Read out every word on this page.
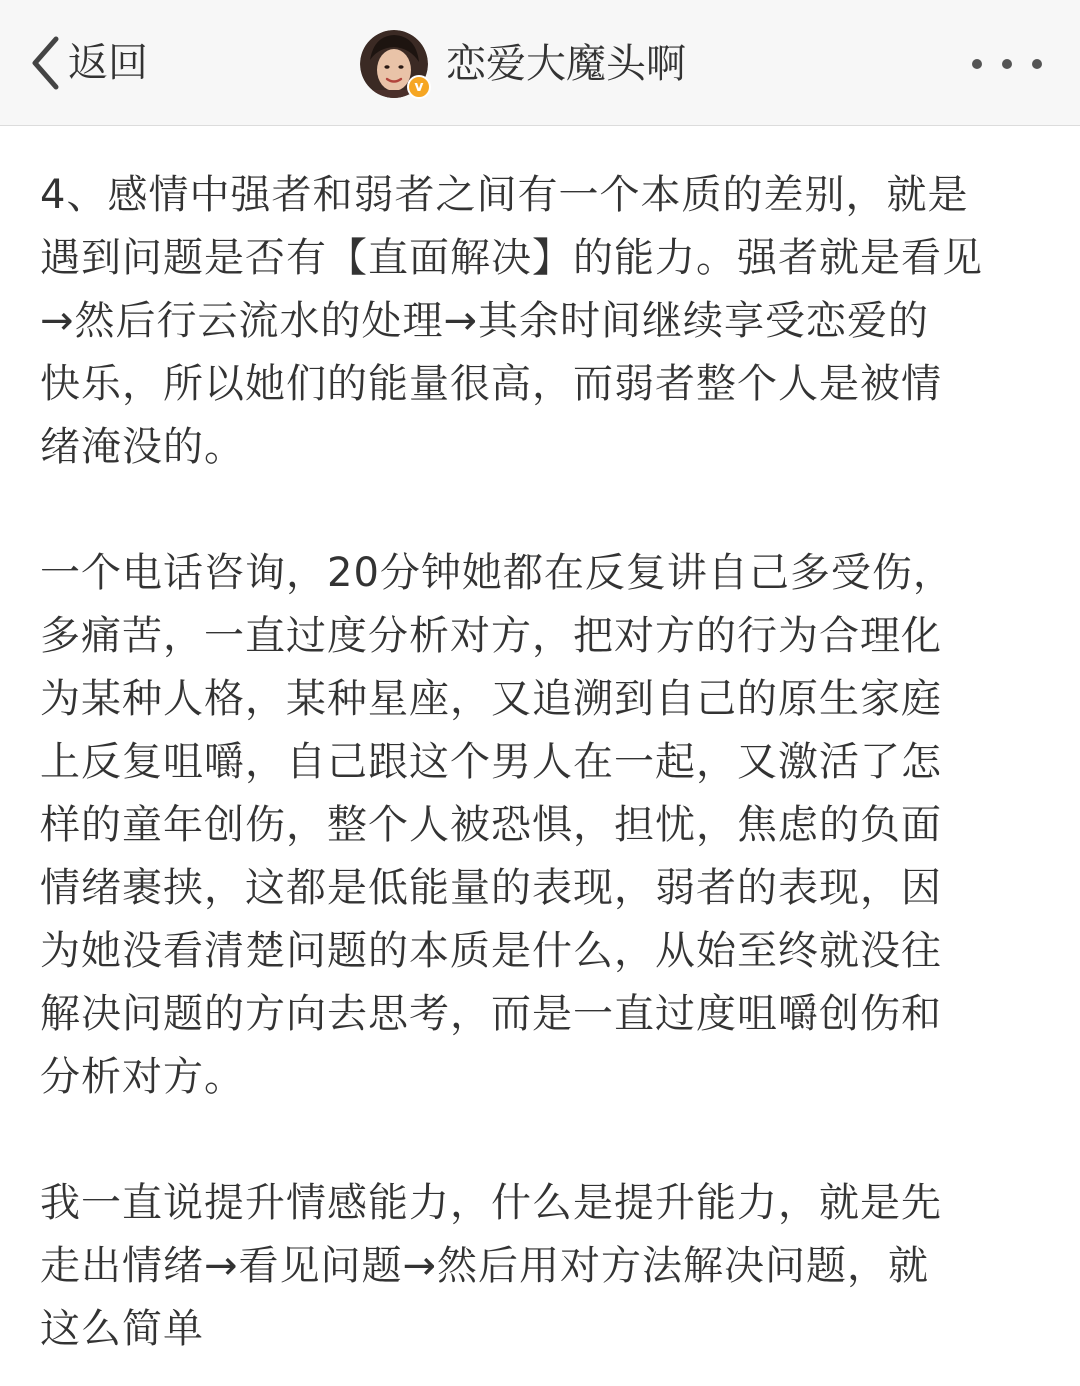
返回
v 恋爱大魔头啊

4、感情中强者和弱者之间有一个本质的差别，就是
遇到问题是否有【直面解决】的能力。强者就是看见
→然后行云流水的处理→其余时间继续享受恋爱的
快乐，所以她们的能量很高，而弱者整个人是被情
绪淹没的。

一个电话咨询，20分钟她都在反复讲自己多受伤，
多痛苦，一直过度分析对方，把对方的行为合理化
为某种人格，某种星座，又追溯到自己的原生家庭
上反复咀嚼，自己跟这个男人在一起，又激活了怎
样的童年创伤，整个人被恐惧，担忧，焦虑的负面
情绪裹挟，这都是低能量的表现，弱者的表现，因
为她没看清楚问题的本质是什么，从始至终就没往
解决问题的方向去思考，而是一直过度咀嚼创伤和
分析对方。

我一直说提升情感能力，什么是提升能力，就是先
走出情绪→看见问题→然后用对方法解决问题，就
这么简单
